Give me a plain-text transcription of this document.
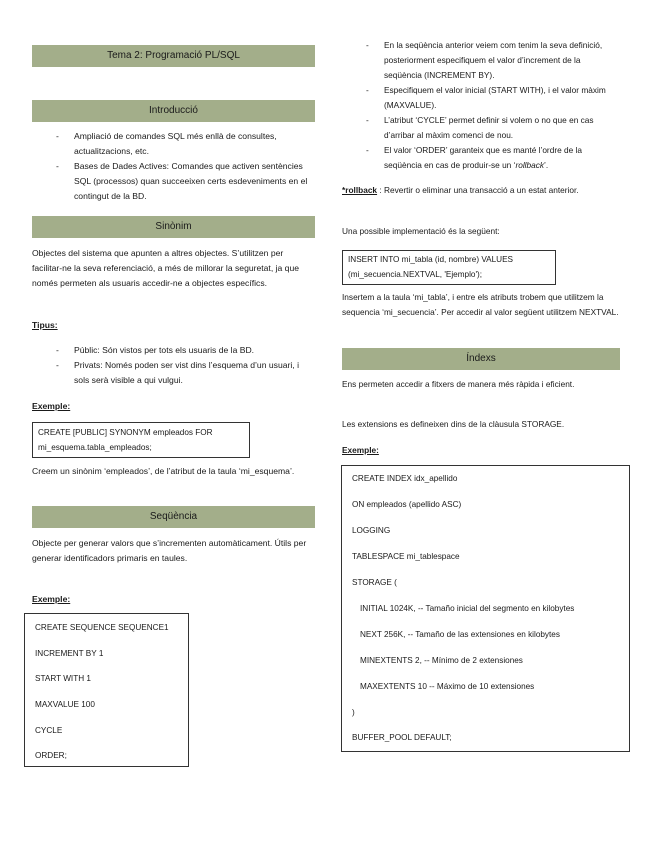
Tema 2: Programació PL/SQL
Introducció
- Ampliació de comandes SQL més enllà de consultes, actualitzacions, etc.
- Bases de Dades Actives: Comandes que activen sentències SQL (processos) quan succeeixen certs esdeveniments en el contingut de la BD.
Sinònim
Objectes del sistema que apunten a altres objectes. S’utilitzen per facilitar-ne la seva referenciació, a més de millorar la seguretat, ja que només permeten als usuaris accedir-ne a objectes específics.
Tipus:
- Públic: Són vistos per tots els usuaris de la BD.
- Privats: Només poden ser vist dins l’esquema d’un usuari, i sols serà visible a qui vulgui.
Exemple:
CREATE [PUBLIC] SYNONYM empleados FOR
mi_esquema.tabla_empleados;
Creem un sinònim ‘empleados’, de l’atribut de la taula ‘mi_esquema’.
Seqüència
Objecte per generar valors que s’incrementen automàticament. Útils per generar identificadors primaris en taules.
Exemple:
CREATE SEQUENCE SEQUENCE1
INCREMENT BY 1
START WITH 1
MAXVALUE 100
CYCLE
ORDER;
- En la seqüència anterior veiem com tenim la seva definició, posteriorment especifiquem el valor d’increment de la seqüència (INCREMENT BY).
- Especifiquem el valor inicial (START WITH), i el valor màxim (MAXVALUE).
- L’atribut ‘CYCLE’ permet definir si volem o no que en cas d’arribar al màxim comenci de nou.
- El valor ‘ORDER’ garanteix que es manté l’ordre de la seqüència en cas de produir-se un ‘rollback’.
*rollback : Revertir o eliminar una transacció a un estat anterior.
Una possible implementació és la següent:
INSERT INTO mi_tabla (id, nombre) VALUES
(mi_secuencia.NEXTVAL, 'Ejemplo');
Insertem a la taula ‘mi_tabla’, i entre els atributs trobem que utilitzem la sequencia ‘mi_secuencia’. Per accedir al valor següent utilitzem NEXTVAL.
Índexs
Ens permeten accedir a fitxers de manera més ràpida i eficient.
Les extensions es defineixen dins de la clàusula STORAGE.
Exemple:
CREATE INDEX idx_apellido
ON empleados (apellido ASC)
LOGGING
TABLESPACE mi_tablespace
STORAGE (
INITIAL 1024K, -- Tamaño inicial del segmento en kilobytes
NEXT 256K, -- Tamaño de las extensiones en kilobytes
MINEXTENTS 2, -- Mínimo de 2 extensiones
MAXEXTENTS 10 -- Máximo de 10 extensiones
)
BUFFER_POOL DEFAULT;
